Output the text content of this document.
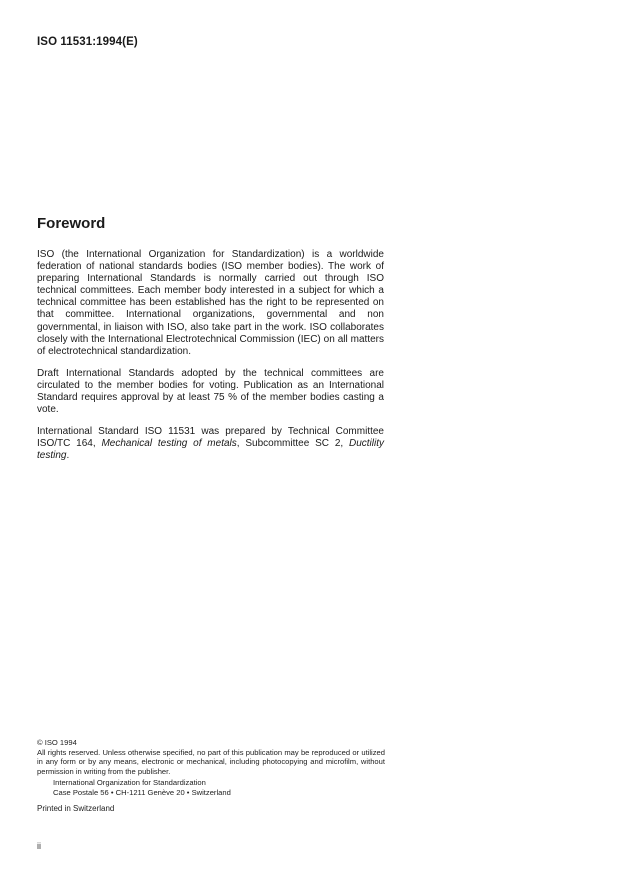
ISO 11531:1994(E)
Foreword

ISO (the International Organization for Standardization) is a worldwide federation of national standards bodies (ISO member bodies). The work of preparing International Standards is normally carried out through ISO technical committees. Each member body interested in a subject for which a technical committee has been established has the right to be represented on that committee. International organizations, governmental and non governmental, in liaison with ISO, also take part in the work. ISO collaborates closely with the International Electrotechnical Commission (IEC) on all matters of electrotechnical standardization.

Draft International Standards adopted by the technical committees are circulated to the member bodies for voting. Publication as an International Standard requires approval by at least 75 % of the member bodies casting a vote.

International Standard ISO 11531 was prepared by Technical Committee ISO/TC 164, Mechanical testing of metals, Subcommittee SC 2, Ductility testing.

© ISO 1994
All rights reserved. Unless otherwise specified, no part of this publication may be reproduced or utilized in any form or by any means, electronic or mechanical, including photocopying and microfilm, without permission in writing from the publisher.
International Organization for Standardization
Case Postale 56 • CH-1211 Genève 20 • Switzerland
Printed in Switzerland
ii
